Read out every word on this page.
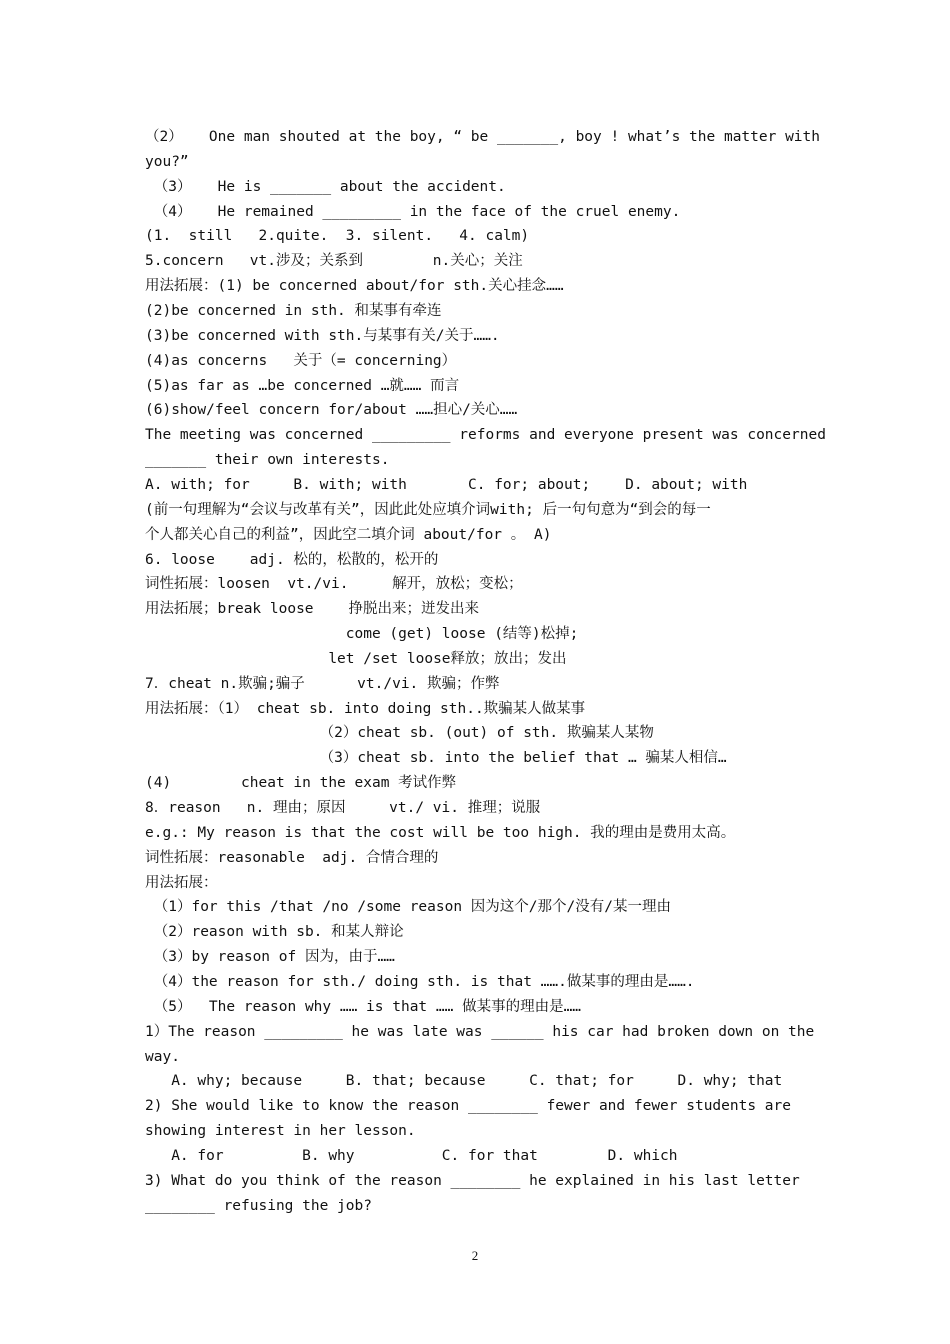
（2）   One man shouted at the boy, “ be _______, boy ! what’s the matter with
you?”
（3）   He is _______ about the accident.
（4）   He remained _________ in the face of the cruel enemy.
(1.  still   2.quite.  3. silent.   4. calm)
5.concern   vt.涉及；关系到        n.关心；关注
用法拓展：(1) be concerned about/for sth.关心挂念……
(2)be concerned in sth. 和某事有牵连
(3)be concerned with sth.与某事有关/关于…….
(4)as concerns   关于（= concerning）
(5)as far as …be concerned …就…… 而言
(6)show/feel concern for/about ……担心/关心……
The meeting was concerned _________ reforms and everyone present was concerned
_______ their own interests.
A. with; for     B. with; with       C. for; about;    D. about; with
(前一句理解为“会议与改革有关”，因此此处应填介词with; 后一句句意为“到会的每一
个人都关心自己的利益”，因此空二填介词 about/for 。 A)
6. loose    adj. 松的，松散的，松开的
词性拓展：loosen  vt./vi.     解开，放松；变松；
用法拓展；break loose    挣脱出来；迸发出来
come (get) loose (结等)松掉;
let /set loose释放；放出；发出
7．cheat n.欺骗;骗子      vt./vi. 欺骗；作弊
用法拓展：（1） cheat sb. into doing sth..欺骗某人做某事
（2）cheat sb. (out) of sth. 欺骗某人某物
（3）cheat sb. into the belief that … 骗某人相信…
(4)        cheat in the exam 考试作弊
8．reason   n. 理由；原因     vt./ vi. 推理；说服
e.g.: My reason is that the cost will be too high. 我的理由是费用太高。
词性拓展：reasonable  adj. 合情合理的
用法拓展：
（1）for this /that /no /some reason 因为这个/那个/没有/某一理由
（2）reason with sb. 和某人辩论
（3）by reason of 因为，由于……
（4）the reason for sth./ doing sth. is that …….做某事的理由是…….
（5）  The reason why …… is that …… 做某事的理由是……
1）The reason _________ he was late was ______ his car had broken down on the
way.
A. why; because     B. that; because     C. that; for     D. why; that
2) She would like to know the reason ________ fewer and fewer students are
showing interest in her lesson.
A. for         B. why          C. for that        D. which
3) What do you think of the reason ________ he explained in his last letter
________ refusing the job?
2
